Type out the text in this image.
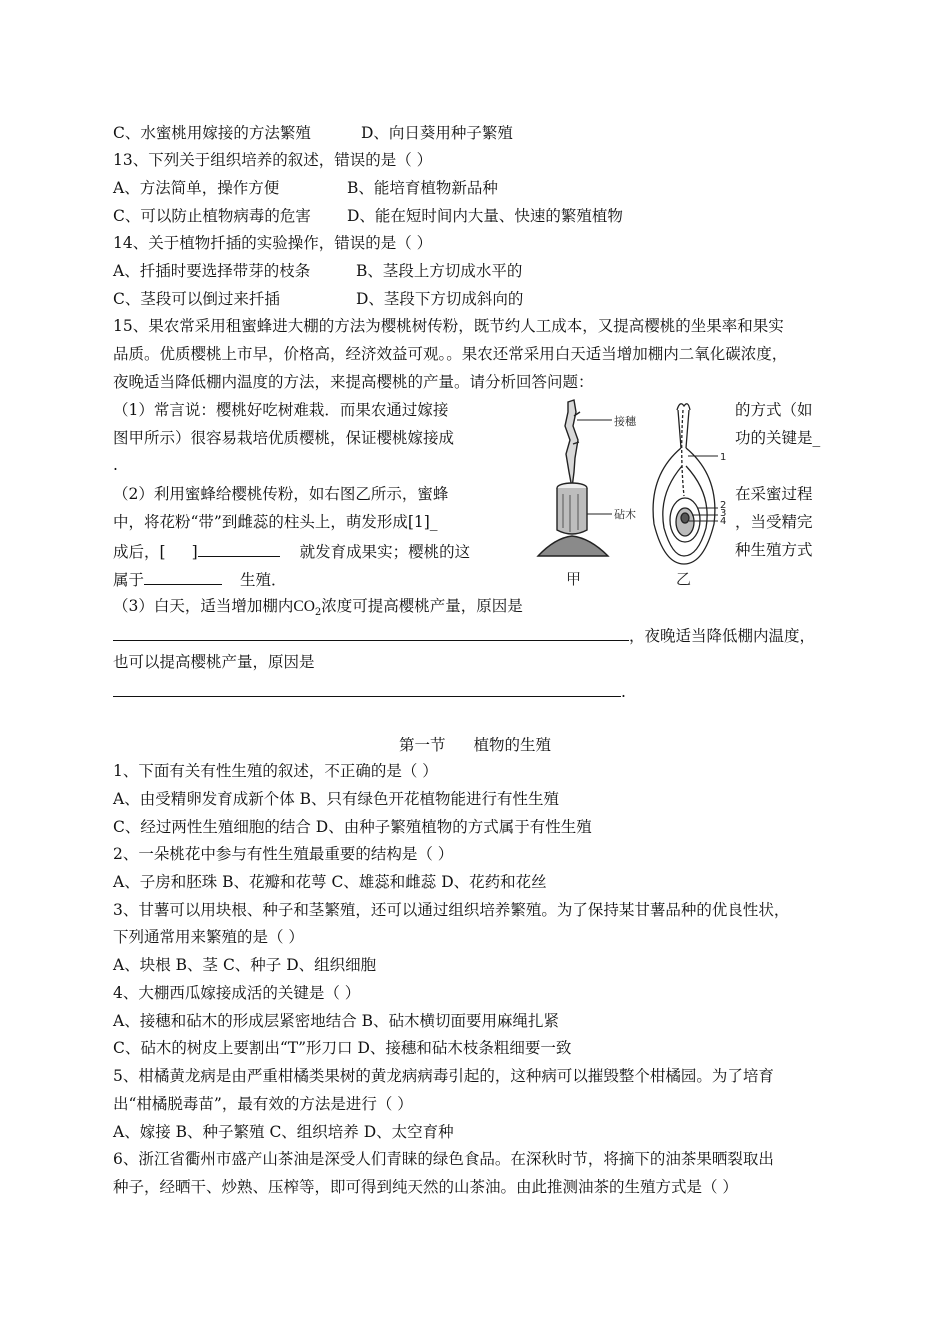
C、水蜜桃用嫁接的方法繁殖	D、向日葵用种子繁殖
13、下列关于组织培养的叙述，错误的是（ ）
A、方法简单，操作方便	B、能培育植物新品种
C、可以防止植物病毒的危害 D、能在短时间内大量、快速的繁殖植物
14、关于植物扦插的实验操作，错误的是（ ）
A、扦插时要选择带芽的枝条	B、茎段上方切成水平的
C、茎段可以倒过来扦插	D、茎段下方切成斜向的
15、果农常采用租蜜蜂进大棚的方法为樱桃树传粉，既节约人工成本，又提高樱桃的坐果率和果实
品质。优质樱桃上市早，价格高，经济效益可观。。果农还常采用白天适当增加棚内二氧化碳浓度，
夜晚适当降低棚内温度的方法，来提高樱桃的产量。请分析回答问题：
（1）常言说：樱桃好吃树难栽．而果农通过嫁接	的方式（如
图甲所示）很容易栽培优质樱桃，保证樱桃嫁接成	功的关键是_
.
（2）利用蜜蜂给樱桃传粉，如右图乙所示，蜜蜂	在采蜜过程
中，将花粉“带”到雌蕊的柱头上，萌发形成[1]_	，当受精完
成后，[ ]	就发育成果实；樱桃的这	种生殖方式
属于	生殖．
（3）白天，适当增加棚内$CO_2$浓度可提高樱桃产量，原因是
，夜晚适当降低棚内温度，
也可以提高樱桃产量，原因是
.
接穗
砧木
甲
1
2
3
4
乙
第一节 植物的生殖
1、下面有关有性生殖的叙述，不正确的是（ ）
A、由受精卵发育成新个体 B、只有绿色开花植物能进行有性生殖
C、经过两性生殖细胞的结合 D、由种子繁殖植物的方式属于有性生殖
2、一朵桃花中参与有性生殖最重要的结构是（ ）
A、子房和胚珠 B、花瓣和花萼 C、雄蕊和雌蕊 D、花药和花丝
3、甘薯可以用块根、种子和茎繁殖，还可以通过组织培养繁殖。为了保持某甘薯品种的优良性状，
下列通常用来繁殖的是（ ）
A、块根 B、茎 C、种子 D、组织细胞
4、大棚西瓜嫁接成活的关键是（ ）
A、接穗和砧木的形成层紧密地结合 B、砧木横切面要用麻绳扎紧
C、砧木的树皮上要割出“T”形刀口 D、接穗和砧木枝条粗细要一致
5、柑橘黄龙病是由严重柑橘类果树的黄龙病病毒引起的，这种病可以摧毁整个柑橘园。为了培育
出“柑橘脱毒苗”，最有效的方法是进行（ ）
A、嫁接 B、种子繁殖 C、组织培养 D、太空育种
6、浙江省衢州市盛产山茶油是深受人们青睐的绿色食品。在深秋时节，将摘下的油茶果晒裂取出
种子，经晒干、炒熟、压榨等，即可得到纯天然的山茶油。由此推测油茶的生殖方式是（ ）
